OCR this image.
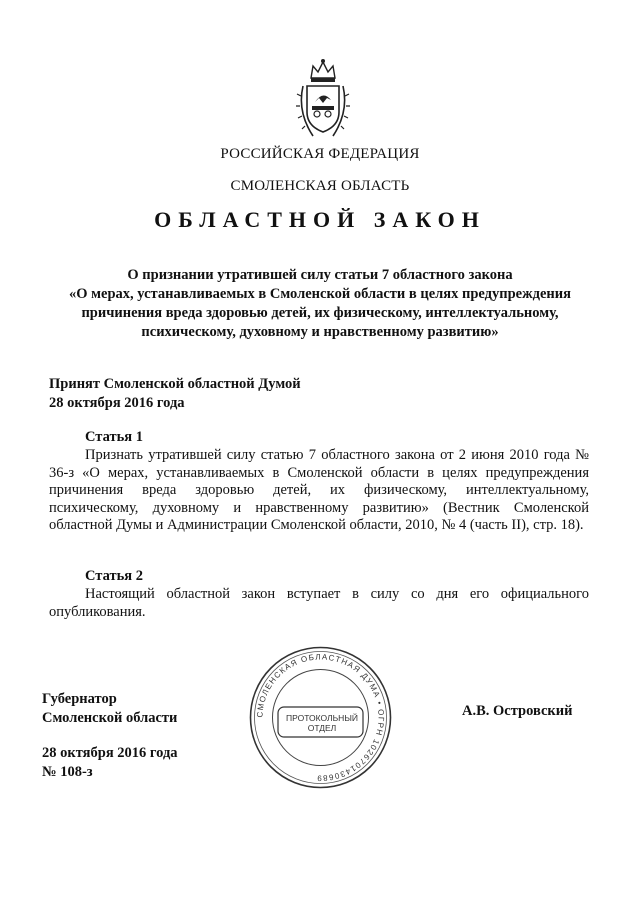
РОССИЙСКАЯ ФЕДЕРАЦИЯ
СМОЛЕНСКАЯ ОБЛАСТЬ
ОБЛАСТНОЙ ЗАКОН
О признании утратившей силу статьи 7 областного закона
«О мерах, устанавливаемых в Смоленской области в целях предупреждения
причинения вреда здоровью детей, их физическому, интеллектуальному,
психическому, духовному и нравственному развитию»
Принят Смоленской областной Думой
28 октября 2016 года
Статья 1
Признать утратившей силу статью 7 областного закона от 2 июня 2010 года № 36-з «О мерах, устанавливаемых в Смоленской области в целях предупреждения причинения вреда здоровью детей, их физическому, интеллектуальному, психическому, духовному и нравственному развитию» (Вестник Смоленской областной Думы и Администрации Смоленской области, 2010, № 4 (часть II), стр. 18).
Статья 2
Настоящий областной закон вступает в силу со дня его официального опубликования.
Губернатор
Смоленской области	А.В. Островский
28 октября 2016 года
№ 108-з
СМОЛЕНСКАЯ ОБЛАСТНАЯ ДУМА • ОГРН 1026701430689
ПРОТОКОЛЬНЫЙ
ОТДЕЛ
